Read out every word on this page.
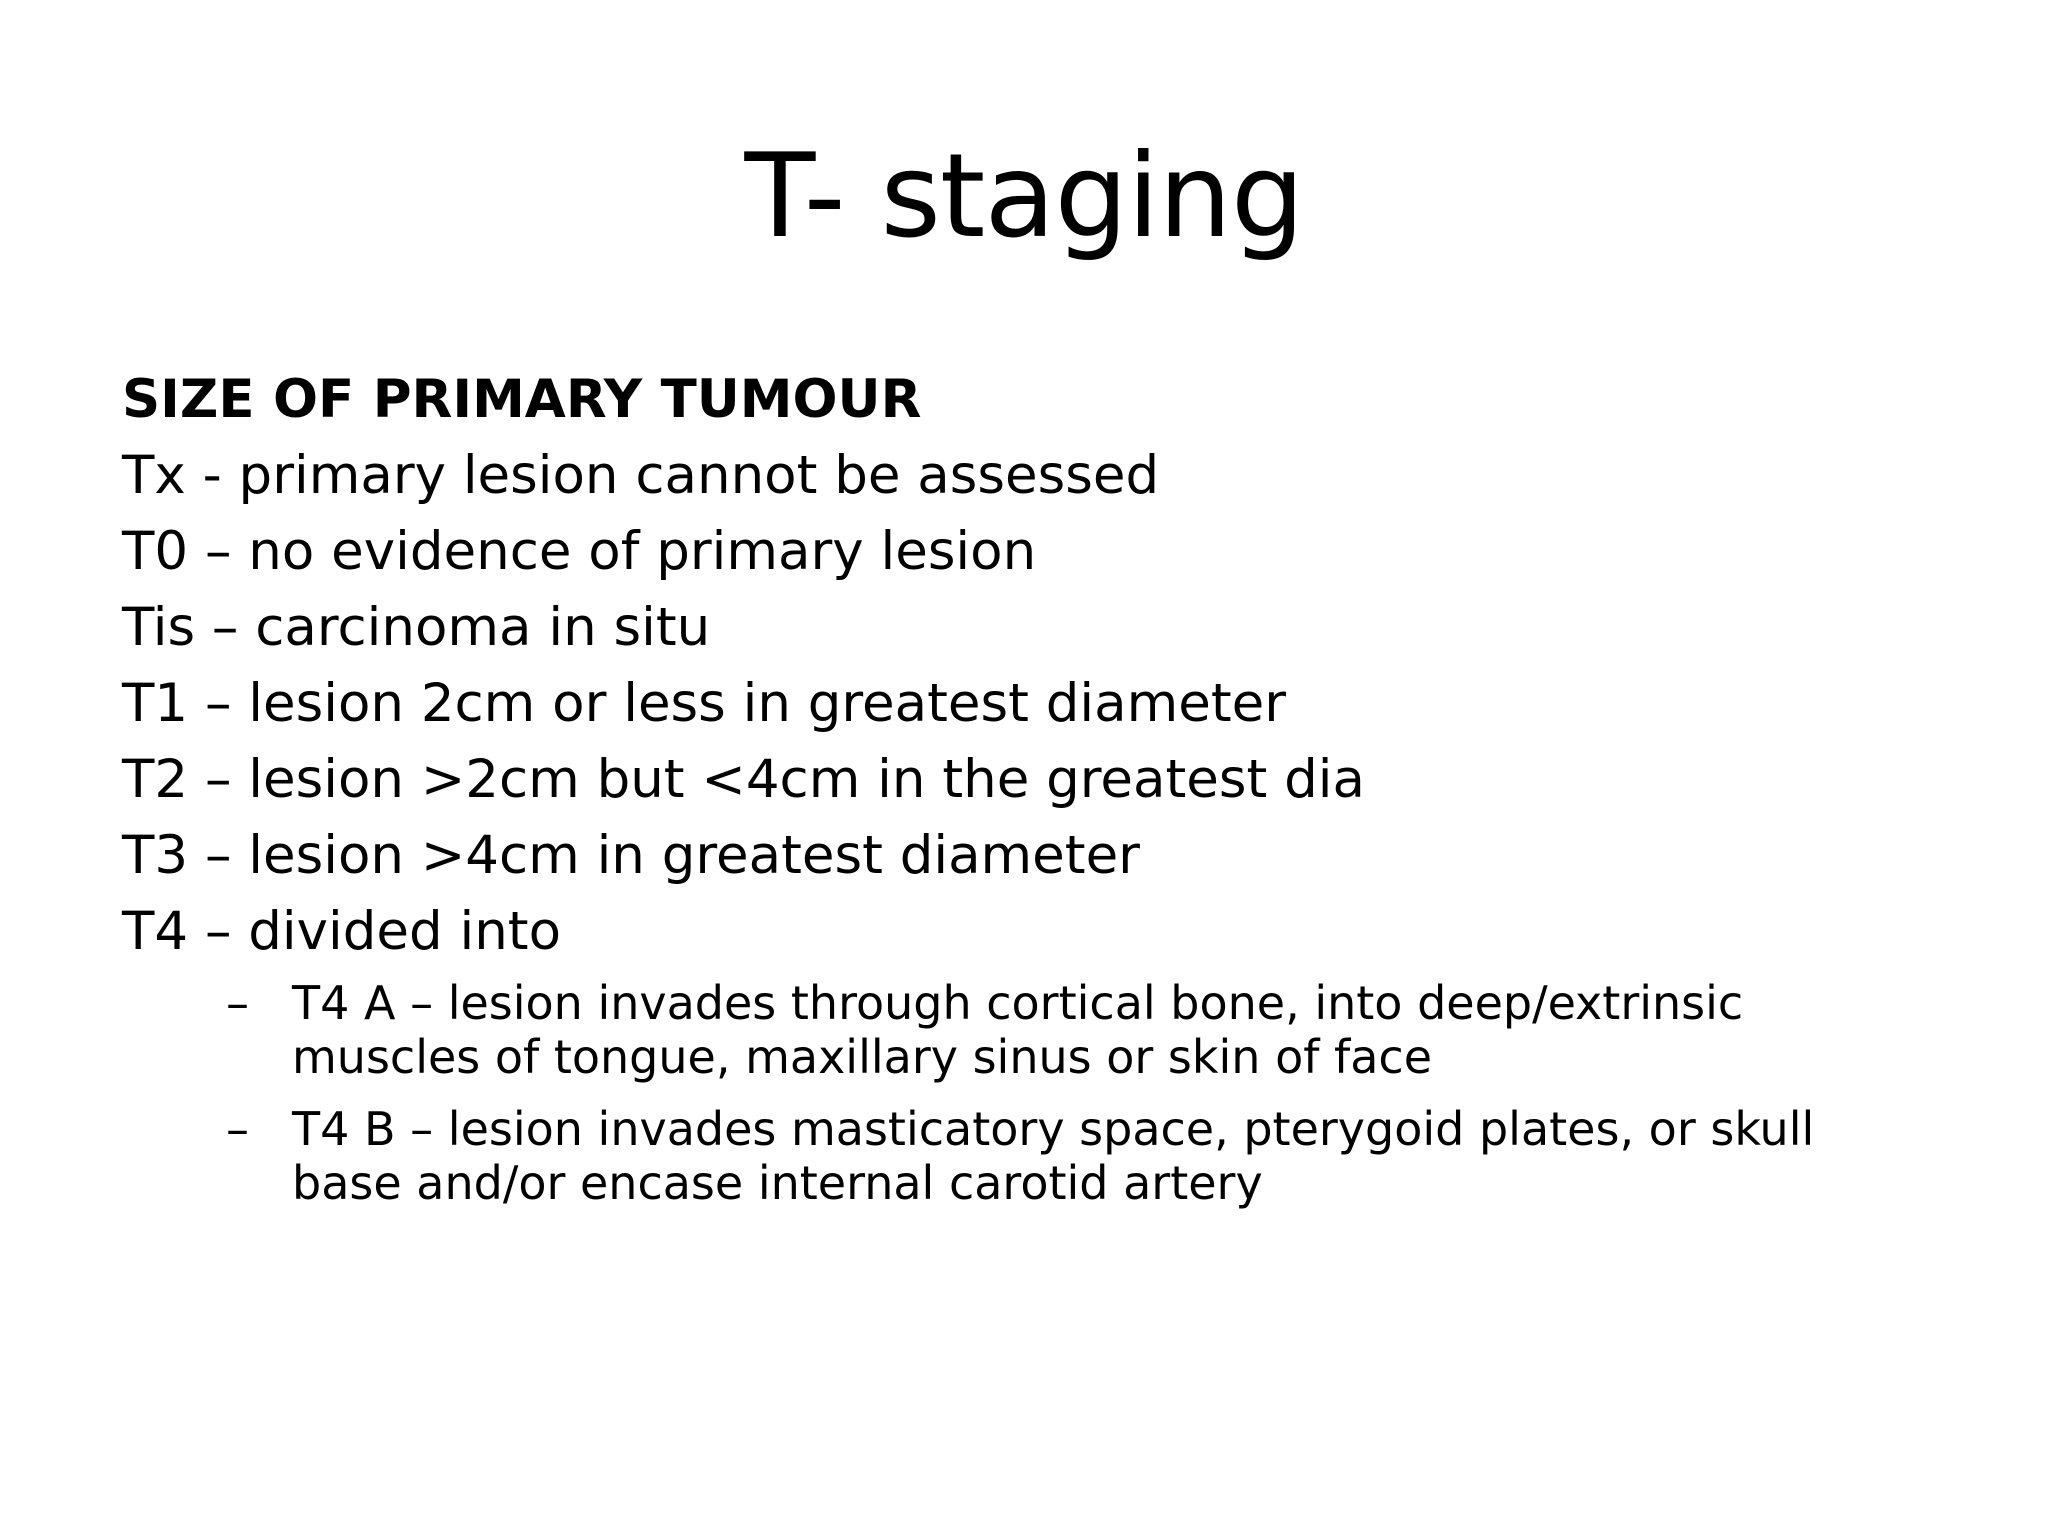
T- staging
SIZE OF PRIMARY TUMOUR
Tx - primary lesion cannot be assessed
T0 – no evidence of primary lesion
Tis – carcinoma in situ
T1 – lesion 2cm or less in greatest diameter
T2 – lesion >2cm but <4cm in the greatest dia
T3 – lesion >4cm in greatest diameter
T4 – divided into
– T4 A – lesion invades through cortical bone, into deep/extrinsic muscles of tongue, maxillary sinus or skin of face
– T4 B – lesion invades masticatory space, pterygoid plates, or skull base and/or encase internal carotid artery
